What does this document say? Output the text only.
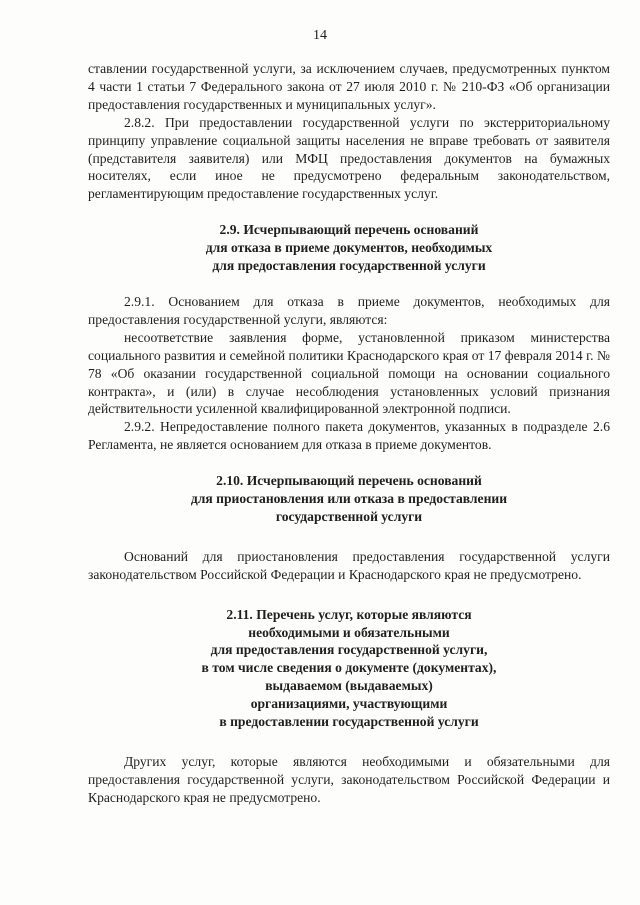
14

ставлении государственной услуги, за исключением случаев, предусмотренных пунктом 4 части 1 статьи 7 Федерального закона от 27 июля 2010 г. № 210-ФЗ «Об организации предоставления государственных и муниципальных услуг».

2.8.2. При предоставлении государственной услуги по экстерриториальному принципу управление социальной защиты населения не вправе требовать от заявителя (представителя заявителя) или МФЦ предоставления документов на бумажных носителях, если иное не предусмотрено федеральным законодательством, регламентирующим предоставление государственных услуг.

2.9. Исчерпывающий перечень оснований
для отказа в приеме документов, необходимых
для предоставления государственной услуги

2.9.1. Основанием для отказа в приеме документов, необходимых для предоставления государственной услуги, являются:

несоответствие заявления форме, установленной приказом министерства социального развития и семейной политики Краснодарского края от 17 февраля 2014 г. № 78 «Об оказании государственной социальной помощи на основании социального контракта», и (или) в случае несоблюдения установленных условий признания действительности усиленной квалифицированной электронной подписи.

2.9.2. Непредоставление полного пакета документов, указанных в подразделе 2.6 Регламента, не является основанием для отказа в приеме документов.

2.10. Исчерпывающий перечень оснований
для приостановления или отказа в предоставлении
государственной услуги

Оснований для приостановления предоставления государственной услуги законодательством Российской Федерации и Краснодарского края не предусмотрено.

2.11. Перечень услуг, которые являются
необходимыми и обязательными
для предоставления государственной услуги,
в том числе сведения о документе (документах),
выдаваемом (выдаваемых)
организациями, участвующими
в предоставлении государственной услуги

Других услуг, которые являются необходимыми и обязательными для предоставления государственной услуги, законодательством Российской Федерации и Краснодарского края не предусмотрено.
